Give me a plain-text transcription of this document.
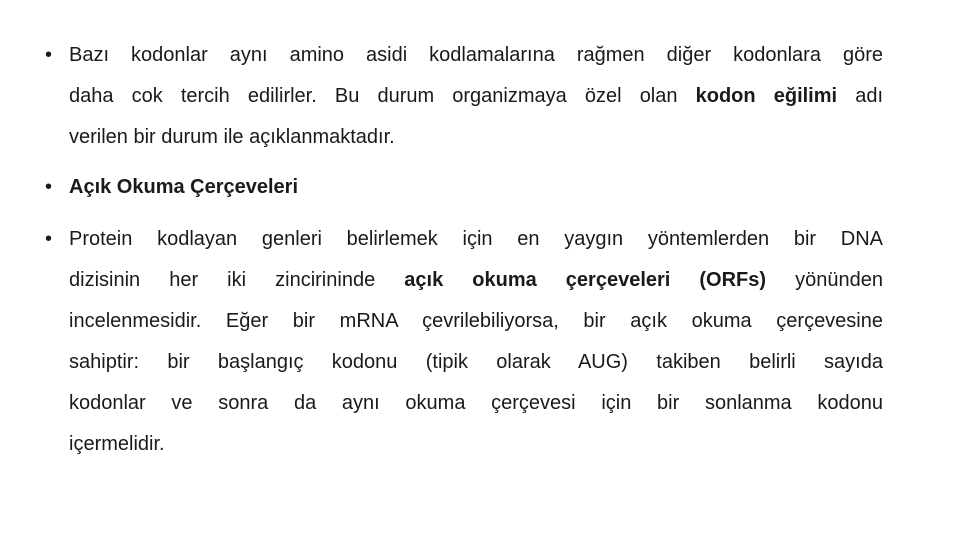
• Bazı kodonlar aynı amino asidi kodlamalarına rağmen diğer kodonlara göre
daha cok tercih edilirler. Bu durum organizmaya özel olan kodon eğilimi adı
verilen bir durum ile açıklanmaktadır.
• Açık Okuma Çerçeveleri
• Protein kodlayan genleri belirlemek için en yaygın yöntemlerden bir DNA
dizisinin her iki zincirininde açık okuma çerçeveleri (ORFs) yönünden
incelenmesidir. Eğer bir mRNA çevrilebiliyorsa, bir açık okuma çerçevesine
sahiptir: bir başlangıç kodonu (tipik olarak AUG) takiben belirli sayıda
kodonlar ve sonra da aynı okuma çerçevesi için bir sonlanma kodonu
içermelidir.
